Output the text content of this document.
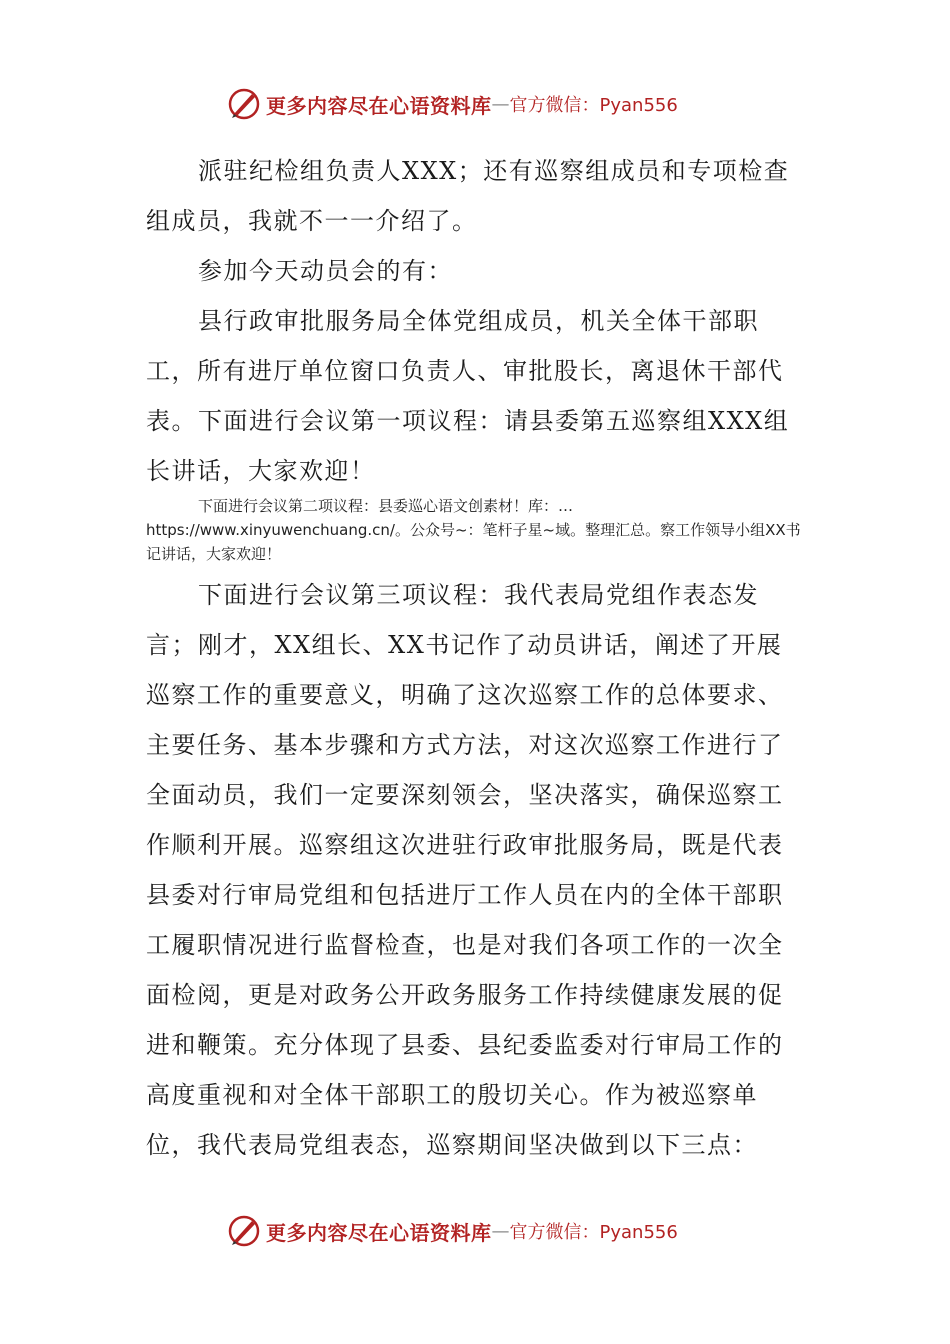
更多内容尽在心语资料库 — 官方微信：Pyan556

派驻纪检组负责人XXX；还有巡察组成员和专项检查组成员，我就不一一介绍了。

参加今天动员会的有：

县行政审批服务局全体党组成员，机关全体干部职工，所有进厅单位窗口负责人、审批股长，离退休干部代表。 下面进行会议第一项议程：请县委第五巡察组XXX组长讲话，大家欢迎！

下面进行会议第二项议程：县委巡心语文创素材！库：…https://www.xinyuwenchuang.cn/。公众号~：笔杆子星~域。整理汇总。察工作领导小组XX书记讲话，大家欢迎！

下面进行会议第三项议程：我代表局党组作表态发言； 刚才，XX组长、XX书记作了动员讲话，阐述了开展巡察工作的重要意义，明确了这次巡察工作的总体要求、主要任务、基本步骤和方式方法，对这次巡察工作进行了全面动员，我们一定要深刻领会，坚决落实，确保巡察工作顺利开展。巡察组这次进驻行政审批服务局，既是代表县委对行审局党组和包括进厅工作人员在内的全体干部职工履职情况进行监督检查，也是对我们各项工作的一次全面检阅，更是对政务公开政务服务工作持续健康发展的促进和鞭策。充分体现了县委、县纪委监委对行审局工作的高度重视和对全体干部职工的殷切关心。作为被巡察单位，我代表局党组表态，巡察期间坚决做到以下三点：

更多内容尽在心语资料库 — 官方微信：Pyan556
